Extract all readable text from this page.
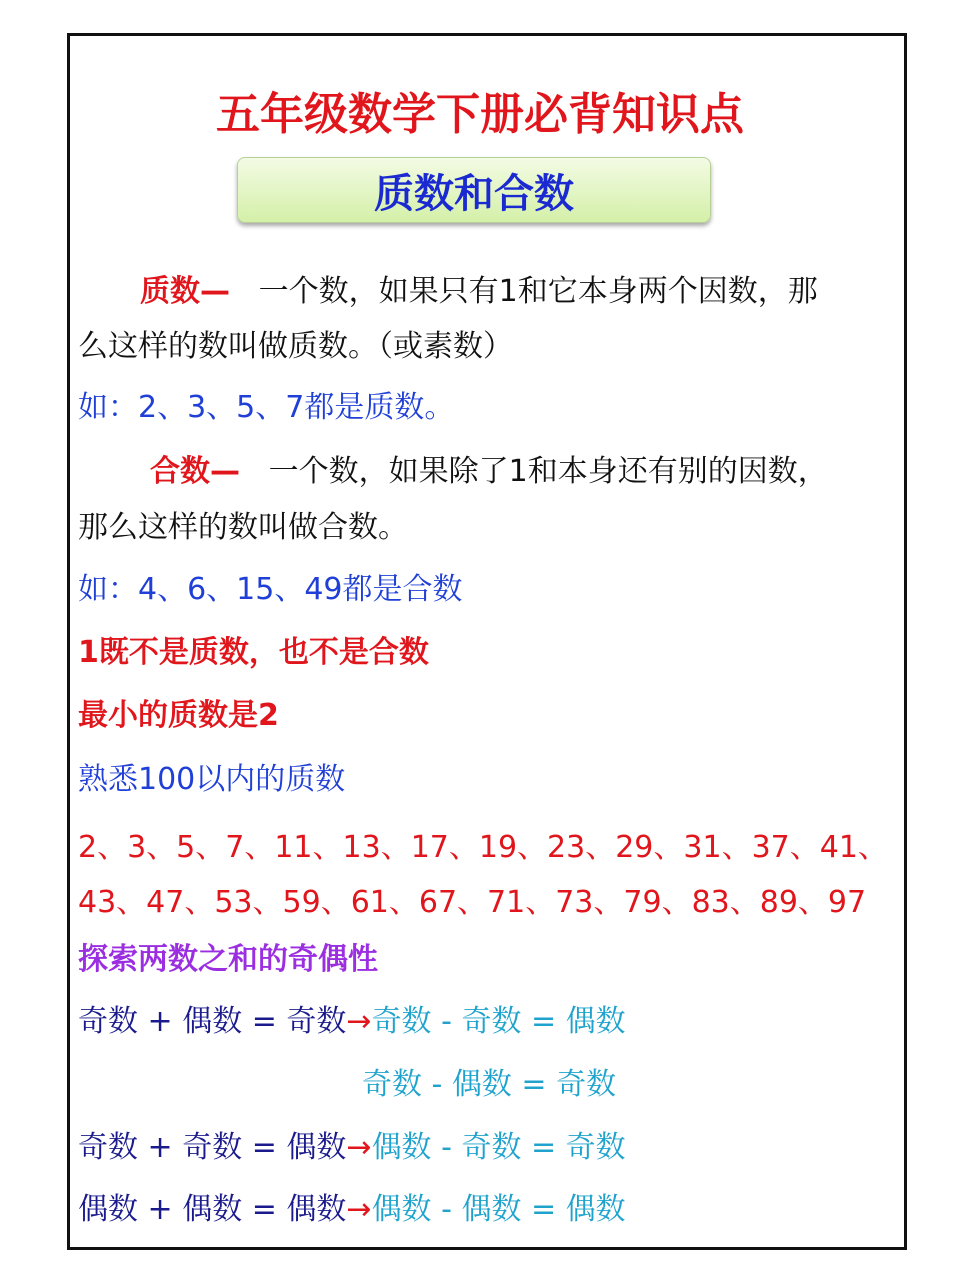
五年级数学下册必背知识点
质数和合数
质数— 一个数，如果只有1和它本身两个因数，那
么这样的数叫做质数。（或素数）
如：2、3、5、7都是质数。
合数— 一个数，如果除了1和本身还有别的因数，
那么这样的数叫做合数。
如：4、6、15、49都是合数
1既不是质数，也不是合数
最小的质数是2
熟悉100以内的质数
2、3、5、7、11、13、17、19、23、29、31、37、41、
43、47、53、59、61、67、71、73、79、83、89、97
探索两数之和的奇偶性
奇数 + 偶数 = 奇数→奇数 - 奇数 = 偶数
奇数 - 偶数 = 奇数
奇数 + 奇数 = 偶数→偶数 - 奇数 = 奇数
偶数 + 偶数 = 偶数→偶数 - 偶数 = 偶数
